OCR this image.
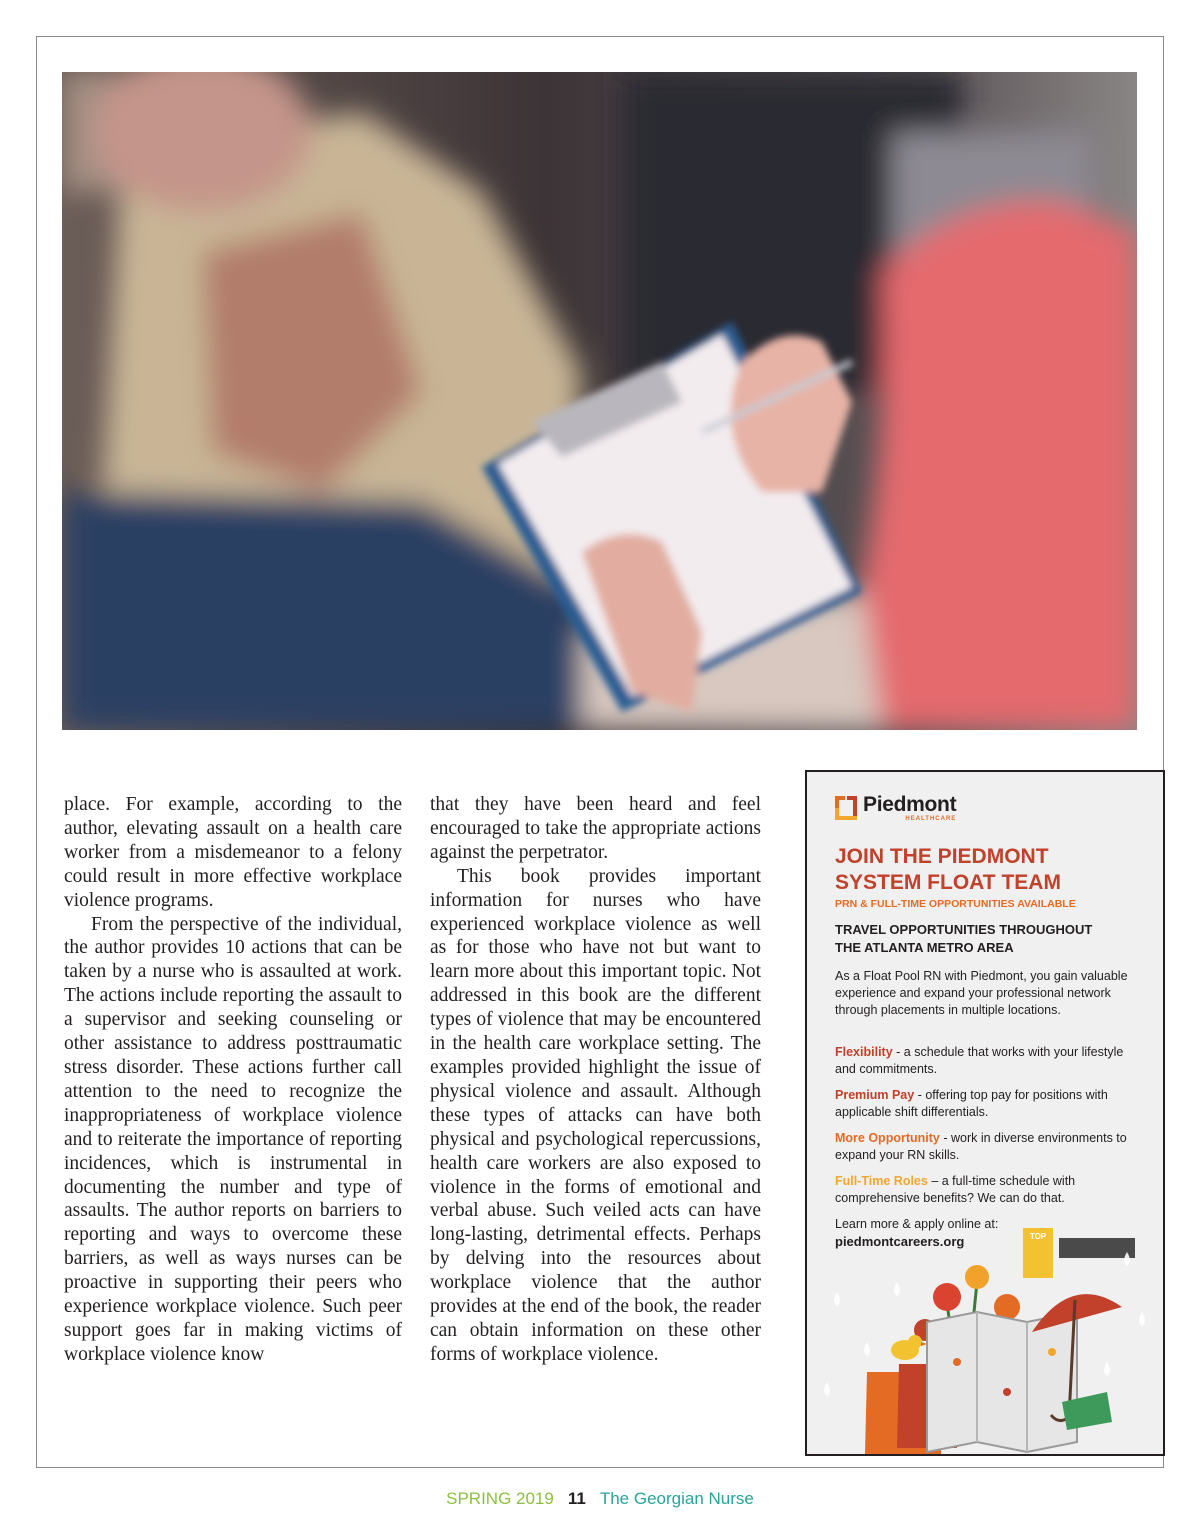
place. For example, according to the author, elevating assault on a health care worker from a misdemeanor to a felony could result in more effective workplace violence programs.

From the perspective of the individual, the author provides 10 actions that can be taken by a nurse who is assaulted at work. The actions include reporting the assault to a supervisor and seeking counseling or other assistance to address posttraumatic stress disorder. These actions further call attention to the need to recognize the inappropriateness of workplace violence and to reiterate the importance of reporting incidences, which is instrumental in documenting the number and type of assaults. The author reports on barriers to reporting and ways to overcome these barriers, as well as ways nurses can be proactive in supporting their peers who experience workplace violence. Such peer support goes far in making victims of workplace violence know

that they have been heard and feel encouraged to take the appropriate actions against the perpetrator.

This book provides important information for nurses who have experienced workplace violence as well as for those who have not but want to learn more about this important topic. Not addressed in this book are the different types of violence that may be encountered in the health care workplace setting. The examples provided highlight the issue of physical violence and assault. Although these types of attacks can have both physical and psychological repercussions, health care workers are also exposed to violence in the forms of emotional and verbal abuse. Such veiled acts can have long-lasting, detrimental effects. Perhaps by delving into the resources about workplace violence that the author provides at the end of the book, the reader can obtain information on these other forms of workplace violence.

Piedmont
HEALTHCARE
JOIN THE PIEDMONT
SYSTEM FLOAT TEAM
PRN & FULL-TIME OPPORTUNITIES AVAILABLE
TRAVEL OPPORTUNITIES THROUGHOUT
THE ATLANTA METRO AREA
As a Float Pool RN with Piedmont, you gain valuable experience and expand your professional network through placements in multiple locations.
Flexibility - a schedule that works with your lifestyle and commitments.
Premium Pay - offering top pay for positions with applicable shift differentials.
More Opportunity - work in diverse environments to expand your RN skills.
Full-Time Roles – a full-time schedule with comprehensive benefits? We can do that.
Learn more & apply online at:
piedmontcareers.org	TOP
SPRING 2019 11 The Georgian Nurse
